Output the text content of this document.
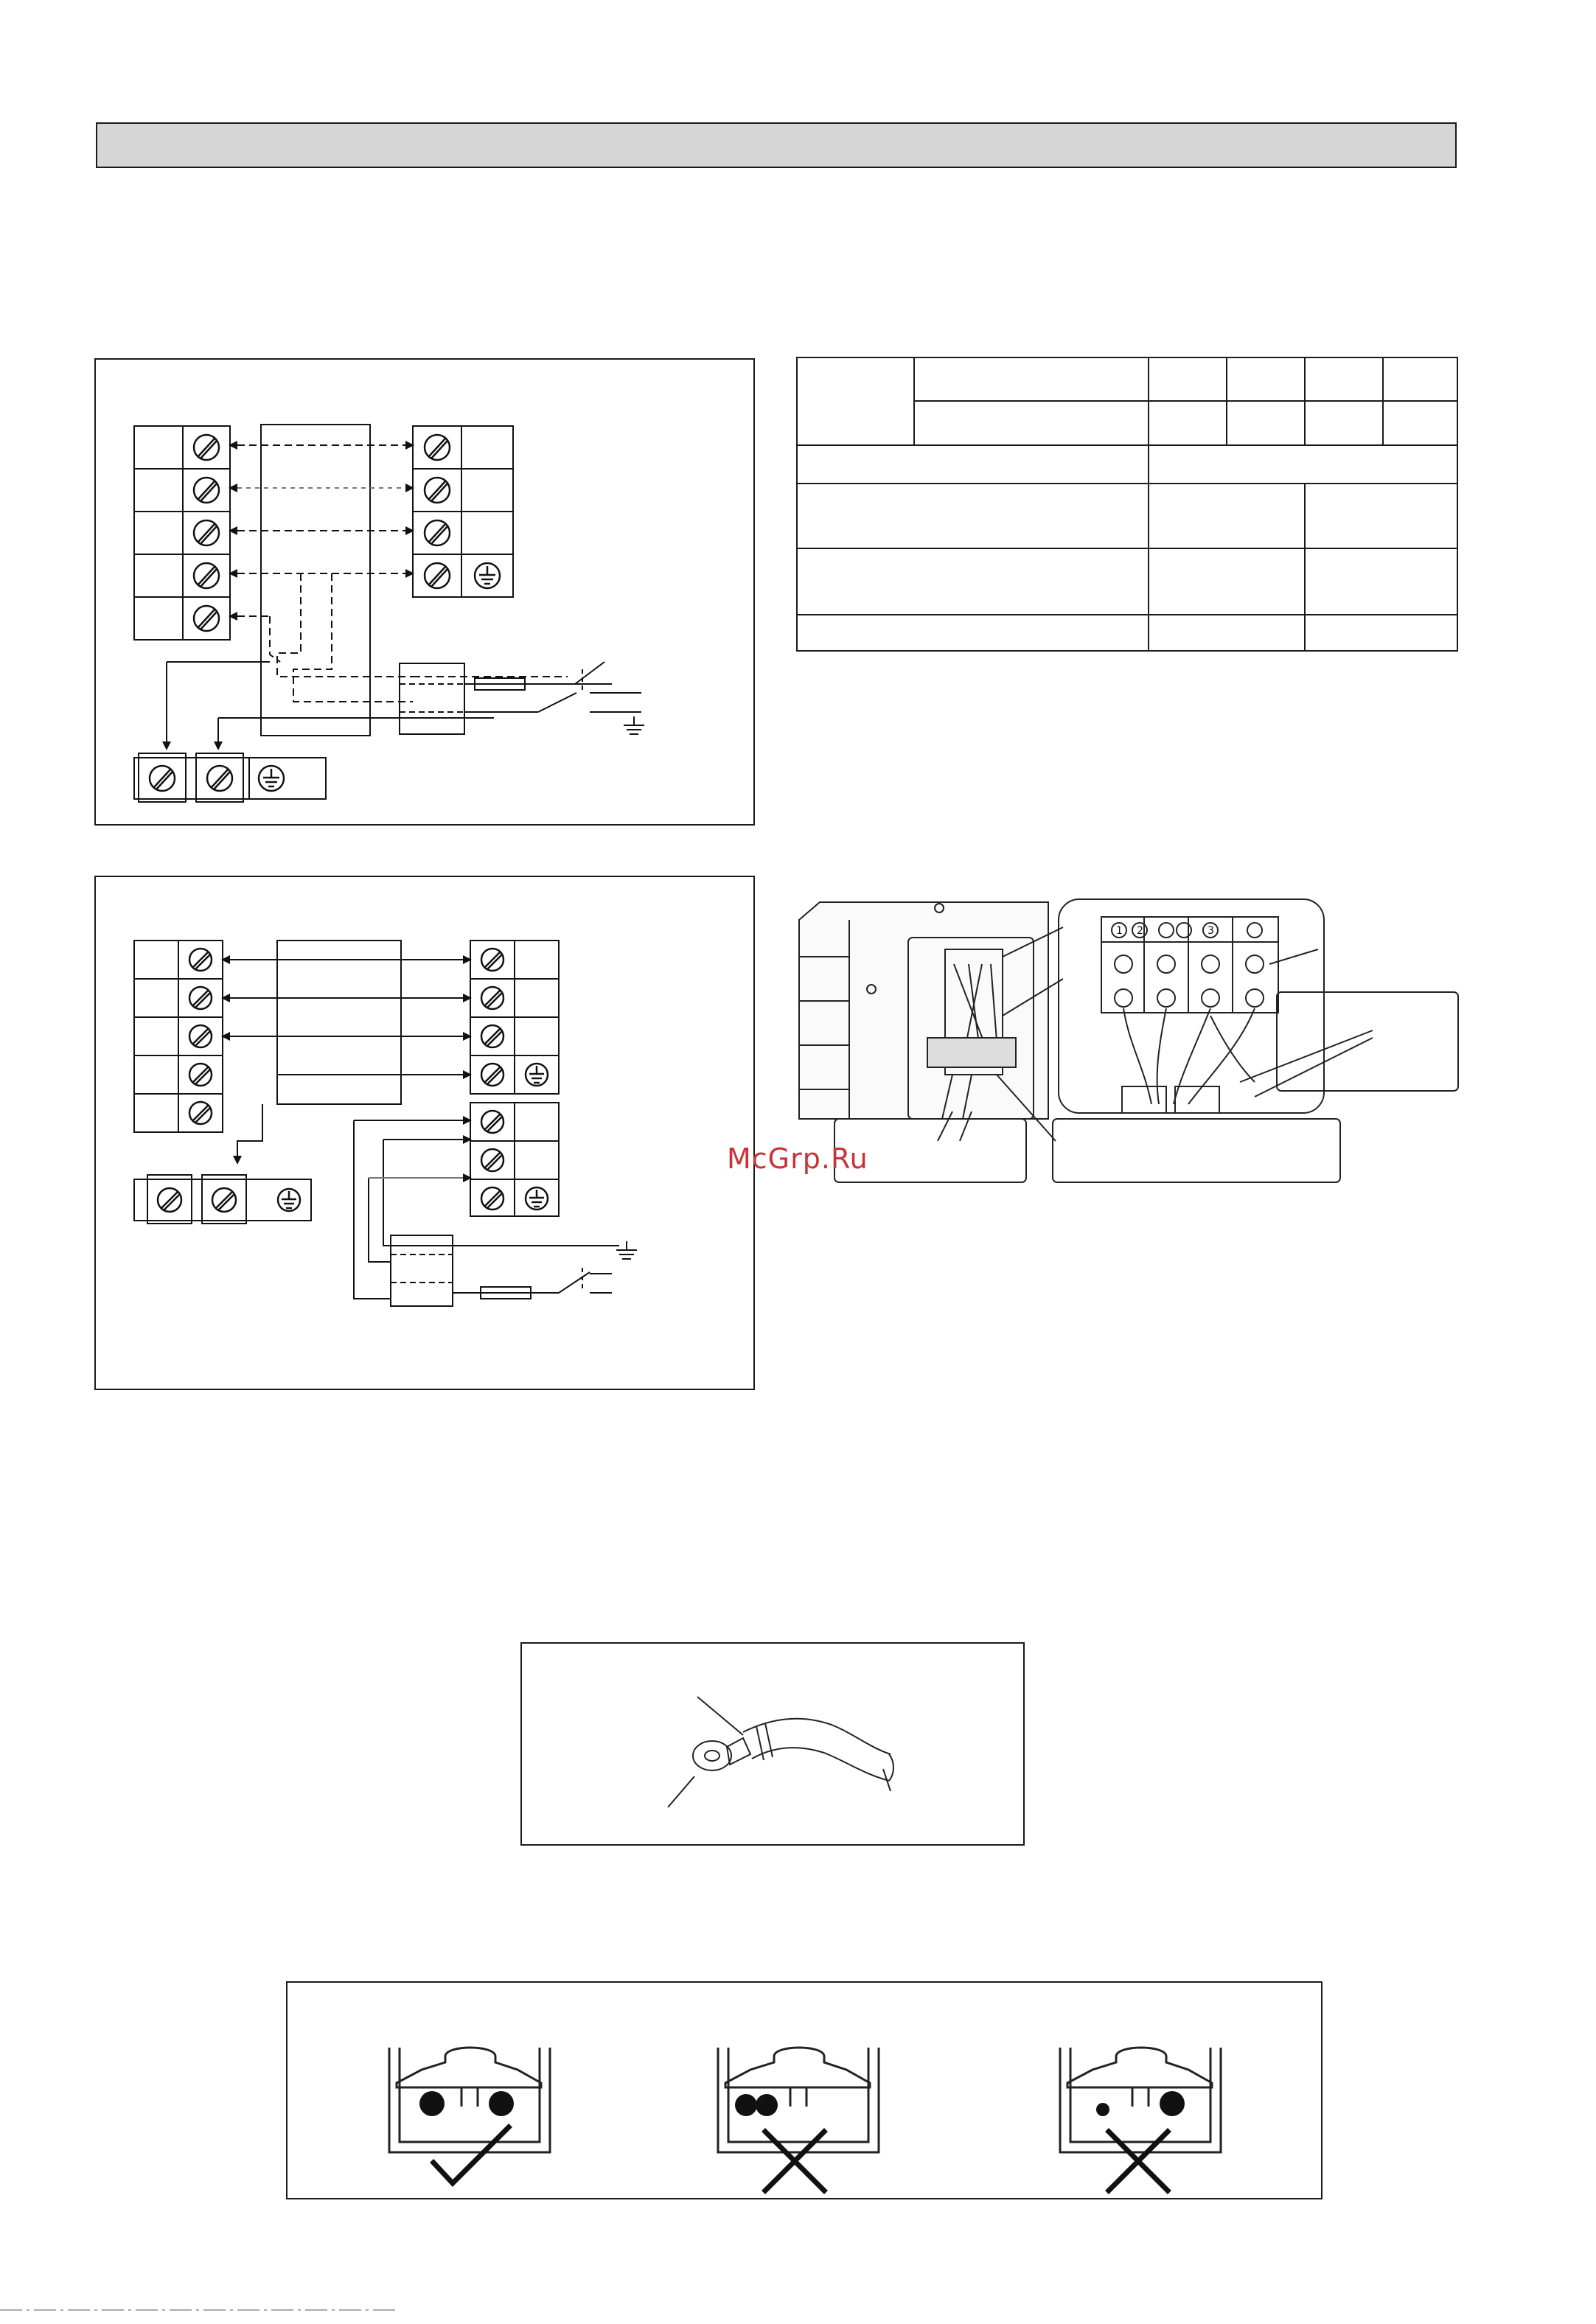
1 2	3
McGrp.Ru
